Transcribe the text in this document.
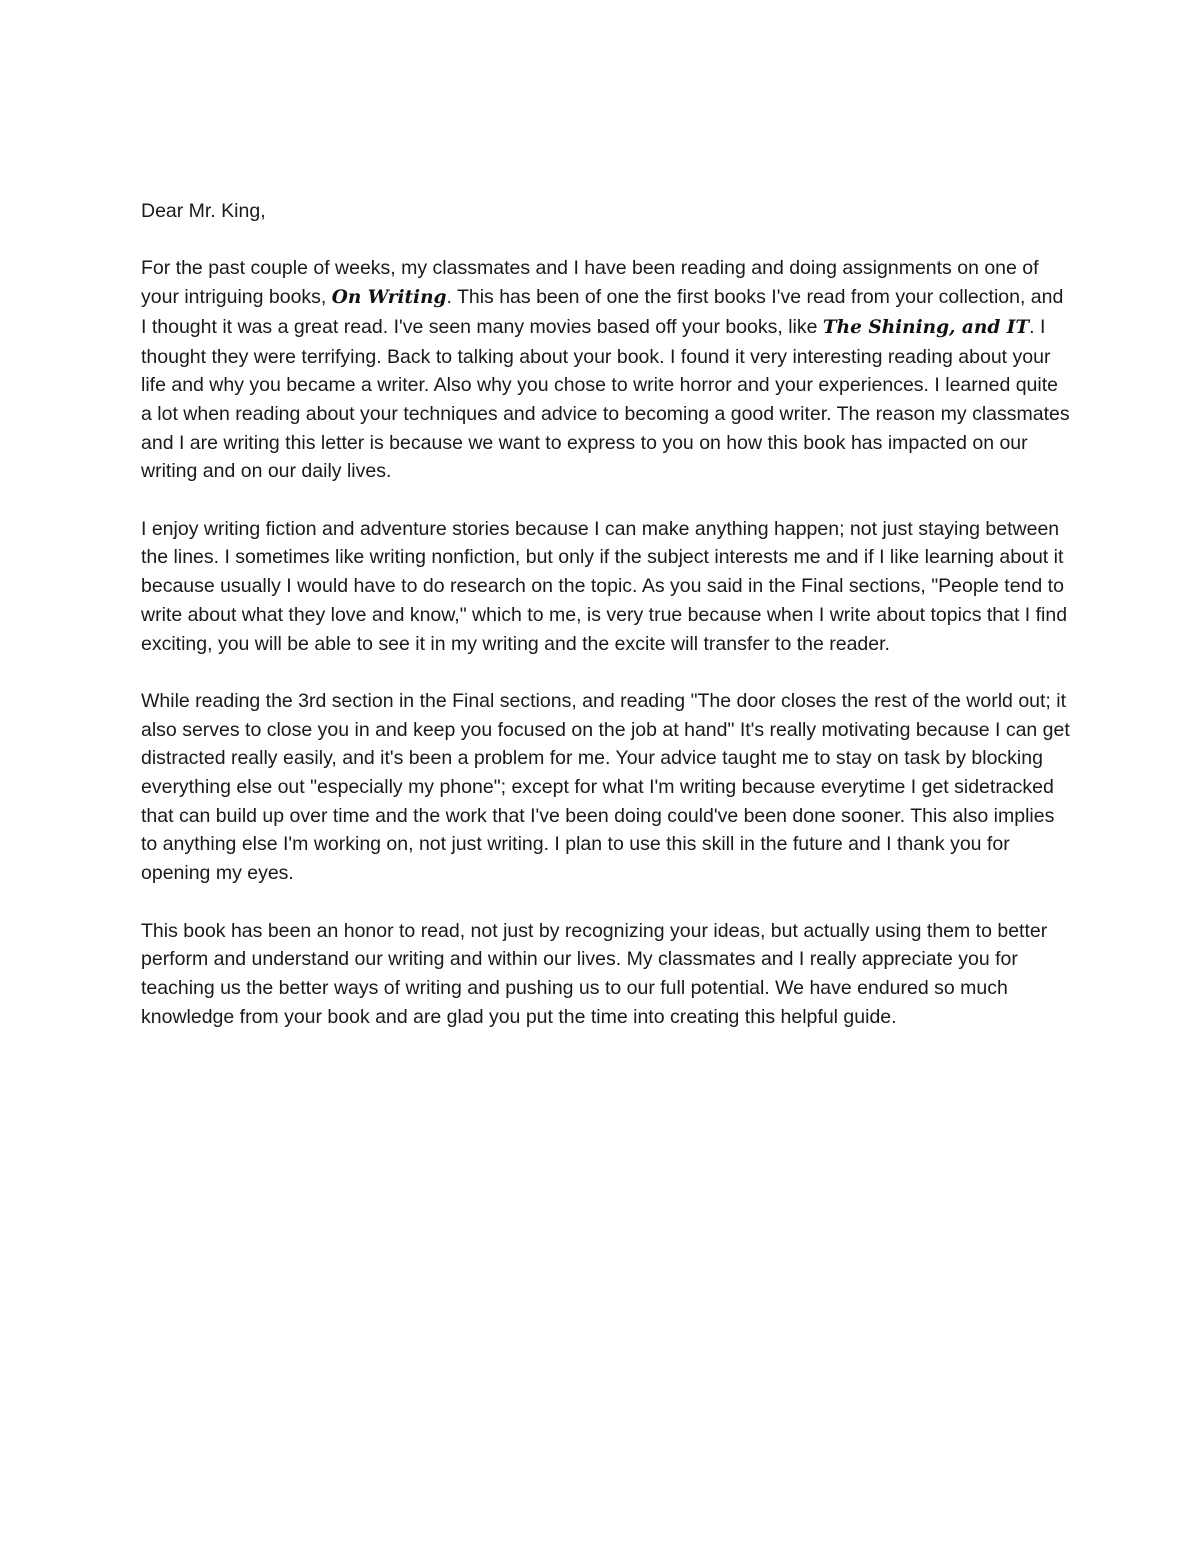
Dear Mr. King,

For the past couple of weeks, my classmates and I have been reading and doing assignments on one of your intriguing books, On Writing. This has been of one the first books I've read from your collection, and I thought it was a great read. I've seen many movies based off your books, like The Shining, and IT. I thought they were terrifying. Back to talking about your book. I found it very interesting reading about your life and why you became a writer. Also why you chose to write horror and your experiences. I learned quite a lot when reading about your techniques and advice to becoming a good writer. The reason my classmates and I are writing this letter is because we want to express to you on how this book has impacted on our writing and on our daily lives.

I enjoy writing fiction and adventure stories because I can make anything happen; not just staying between the lines. I sometimes like writing nonfiction, but only if the subject interests me and if I like learning about it because usually I would have to do research on the topic. As you said in the Final sections, "People tend to write about what they love and know," which to me, is very true because when I write about topics that I find exciting, you will be able to see it in my writing and the excite will transfer to the reader.

While reading the 3rd section in the Final sections, and reading "The door closes the rest of the world out; it also serves to close you in and keep you focused on the job at hand" It's really motivating because I can get distracted really easily, and it's been a problem for me. Your advice taught me to stay on task by blocking everything else out "especially my phone"; except for what I'm writing because everytime I get sidetracked that can build up over time and the work that I've been doing could've been done sooner. This also implies to anything else I'm working on, not just writing. I plan to use this skill in the future and I thank you for opening my eyes.

This book has been an honor to read, not just by recognizing your ideas, but actually using them to better perform and understand our writing and within our lives. My classmates and I really appreciate you for teaching us the better ways of writing and pushing us to our full potential. We have endured so much knowledge from your book and are glad you put the time into creating this helpful guide.
